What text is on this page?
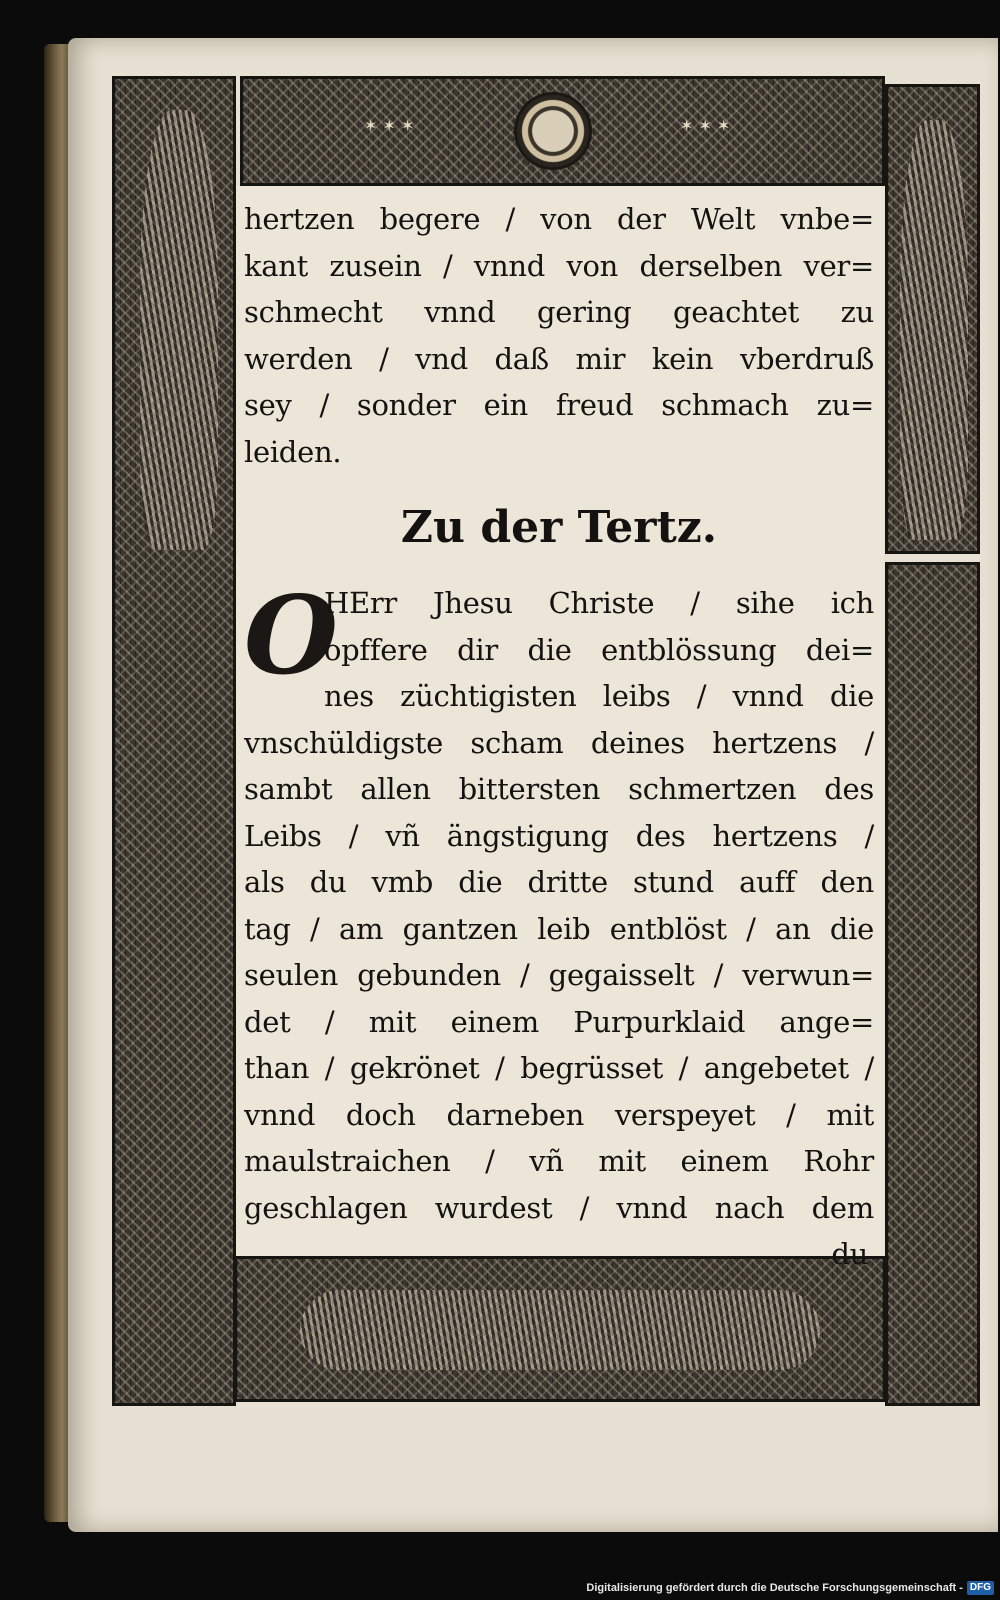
✶ ✶ ✶	✶ ✶ ✶
hertzen begere / von der Welt vnbe=
kant zusein / vnnd von derselben ver=
schmecht vnnd gering geachtet zu
werden / vnd daß mir kein vberdruß
sey / sonder ein freud schmach zu=
leiden.
Zu der Tertz.
O
HErr Jhesu Christe / sihe ich
opffere dir die entblössung dei=
nes züchtigisten leibs / vnnd die
vnschüldigste scham deines hertzens /
sambt allen bittersten schmertzen des
Leibs / vñ ängstigung des hertzens /
als du vmb die dritte stund auff den
tag / am gantzen leib entblöst / an die
seulen gebunden / gegaisselt / verwun=
det / mit einem Purpurklaid ange=
than / gekrönet / begrüsset / angebetet /
vnnd doch darneben verspeyet / mit
maulstraichen / vñ mit einem Rohr
geschlagen wurdest / vnnd nach dem
du
Digitalisierung gefördert durch die Deutsche Forschungsgemeinschaft - DFG
